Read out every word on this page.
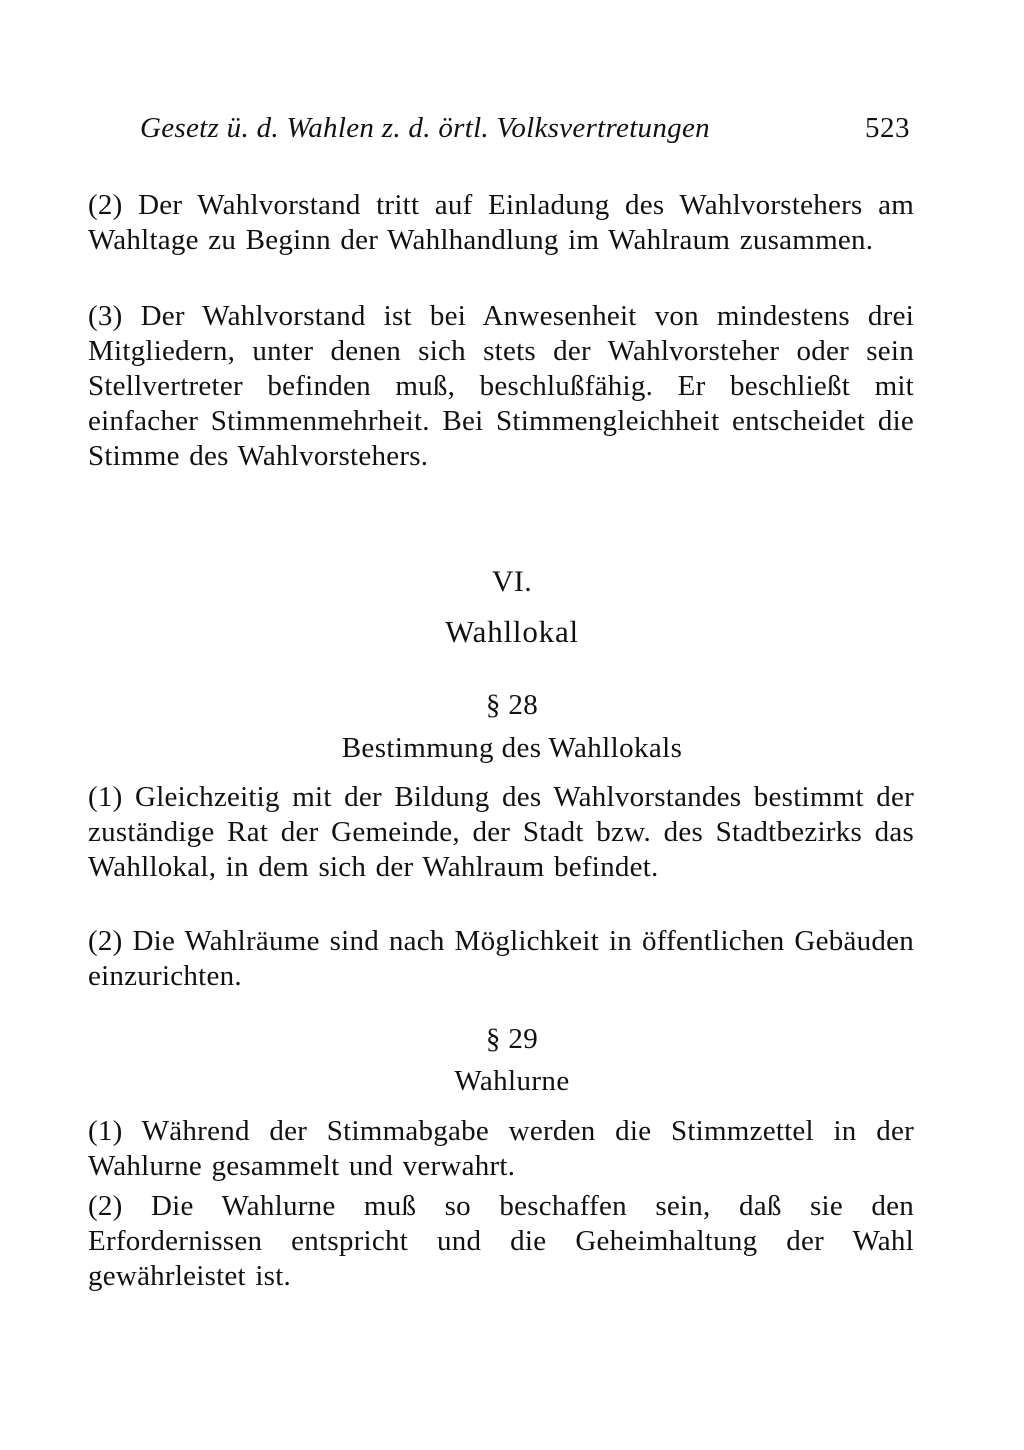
Gesetz ü. d. Wahlen z. d. örtl. Volksvertretungen	523

(2) Der Wahlvorstand tritt auf Einladung des Wahlvorstehers am Wahltage zu Beginn der Wahlhandlung im Wahlraum zusammen.

(3) Der Wahlvorstand ist bei Anwesenheit von mindestens drei Mitgliedern, unter denen sich stets der Wahlvorsteher oder sein Stellvertreter befinden muß, beschlußfähig. Er beschließt mit einfacher Stimmenmehrheit. Bei Stimmengleichheit entscheidet die Stimme des Wahlvorstehers.

VI.
Wahllokal
§ 28
Bestimmung des Wahllokals

(1) Gleichzeitig mit der Bildung des Wahlvorstandes bestimmt der zuständige Rat der Gemeinde, der Stadt bzw. des Stadtbezirks das Wahllokal, in dem sich der Wahlraum befindet.

(2) Die Wahlräume sind nach Möglichkeit in öffentlichen Gebäuden einzurichten.

§ 29
Wahlurne

(1) Während der Stimmabgabe werden die Stimmzettel in der Wahlurne gesammelt und verwahrt.

(2) Die Wahlurne muß so beschaffen sein, daß sie den Erfordernissen entspricht und die Geheimhaltung der Wahl gewährleistet ist.
